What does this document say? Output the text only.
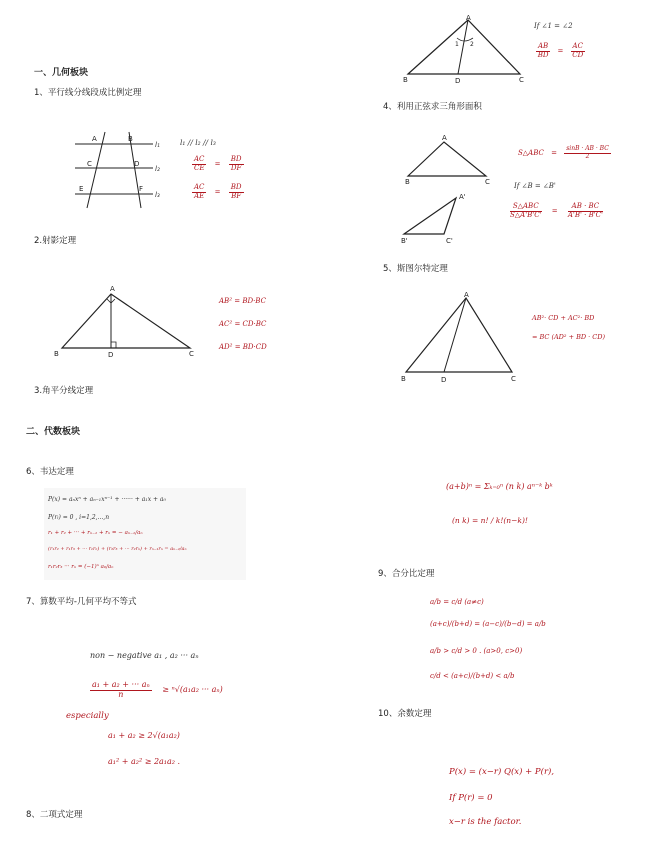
一、几何板块
1、平行线分线段成比例定理
A	B
C	D
E	F
l₁
l₂
l₃
l₁ // l₂ // l₃
$\frac{AC}{CE} = \frac{BD}{DF}$
$\frac{AC}{AE} = \frac{BD}{BF}$
2.射影定理
A
B	D	C
AB² = BD·BC
AC² = CD·BC
AD² = BD·CD
3.角平分线定理
二、代数板块
6、韦达定理
P(x) = aₙxⁿ + aₙ₋₁xⁿ⁻¹ + ······ + a₁x + a₀
P(rᵢ) = 0 , i=1,2,...,n
r₁ + r₂ + ··· + rₙ₋₁ + rₙ = − aₙ₋₁/aₙ
(r₁r₂ + r₁r₃ + ··· r₁rₙ) + (r₂r₃ + ··· r₂rₙ) + rₙ₋₁rₙ = aₙ₋₂/aₙ
r₁r₂r₃ ··· rₙ = (−1)ⁿ a₀/aₙ
7、算数平均-几何平均不等式
non − negative a₁ , a₂ ··· aₙ
$\frac{\text{a₁ + a₂ + ··· aₙ}}{n} \ge ^n√(a_1a_2$ ··· aₙ)
especially
a₁ + a₂ ≥ 2√(a₁a₂)
a₁² + a₂² ≥ 2a₁a₂ .
8、二项式定理
A
B	D	C
1 2
If ∠1 = ∠2
$\frac{AB}{BD} = \frac{AC}{CD}$
4、利用正弦求三角形面积
A
B	C
A'
B'	C'
S△ABC = $\frac{\sin B \cdot AB \cdot BC}{2}$
If ∠B = ∠B'
$\frac{\text{S△ABC}}{S\triangle A'B'C'} = \frac{AB \cdot BC}{A'B' \cdot B'C'}$
5、斯图尔特定理
A
B	D	C
AB²· CD + AC²· BD
= BC (AD² + BD · CD)
(a+b)ⁿ = Σₖ₌₀ⁿ (n k) aⁿ⁻ᵏ bᵏ
(n k) = n! / k!(n−k)!
9、合分比定理
a/b = c/d (a≠c)
(a+c)/(b+d) = (a−c)/(b−d) = a/b
a/b > c/d > 0 . (a>0, c>0)
c/d < (a+c)/(b+d) < a/b
10、余数定理
P(x) = (x−r) Q(x) + P(r),
If P(r) = 0
x−r is the factor.
